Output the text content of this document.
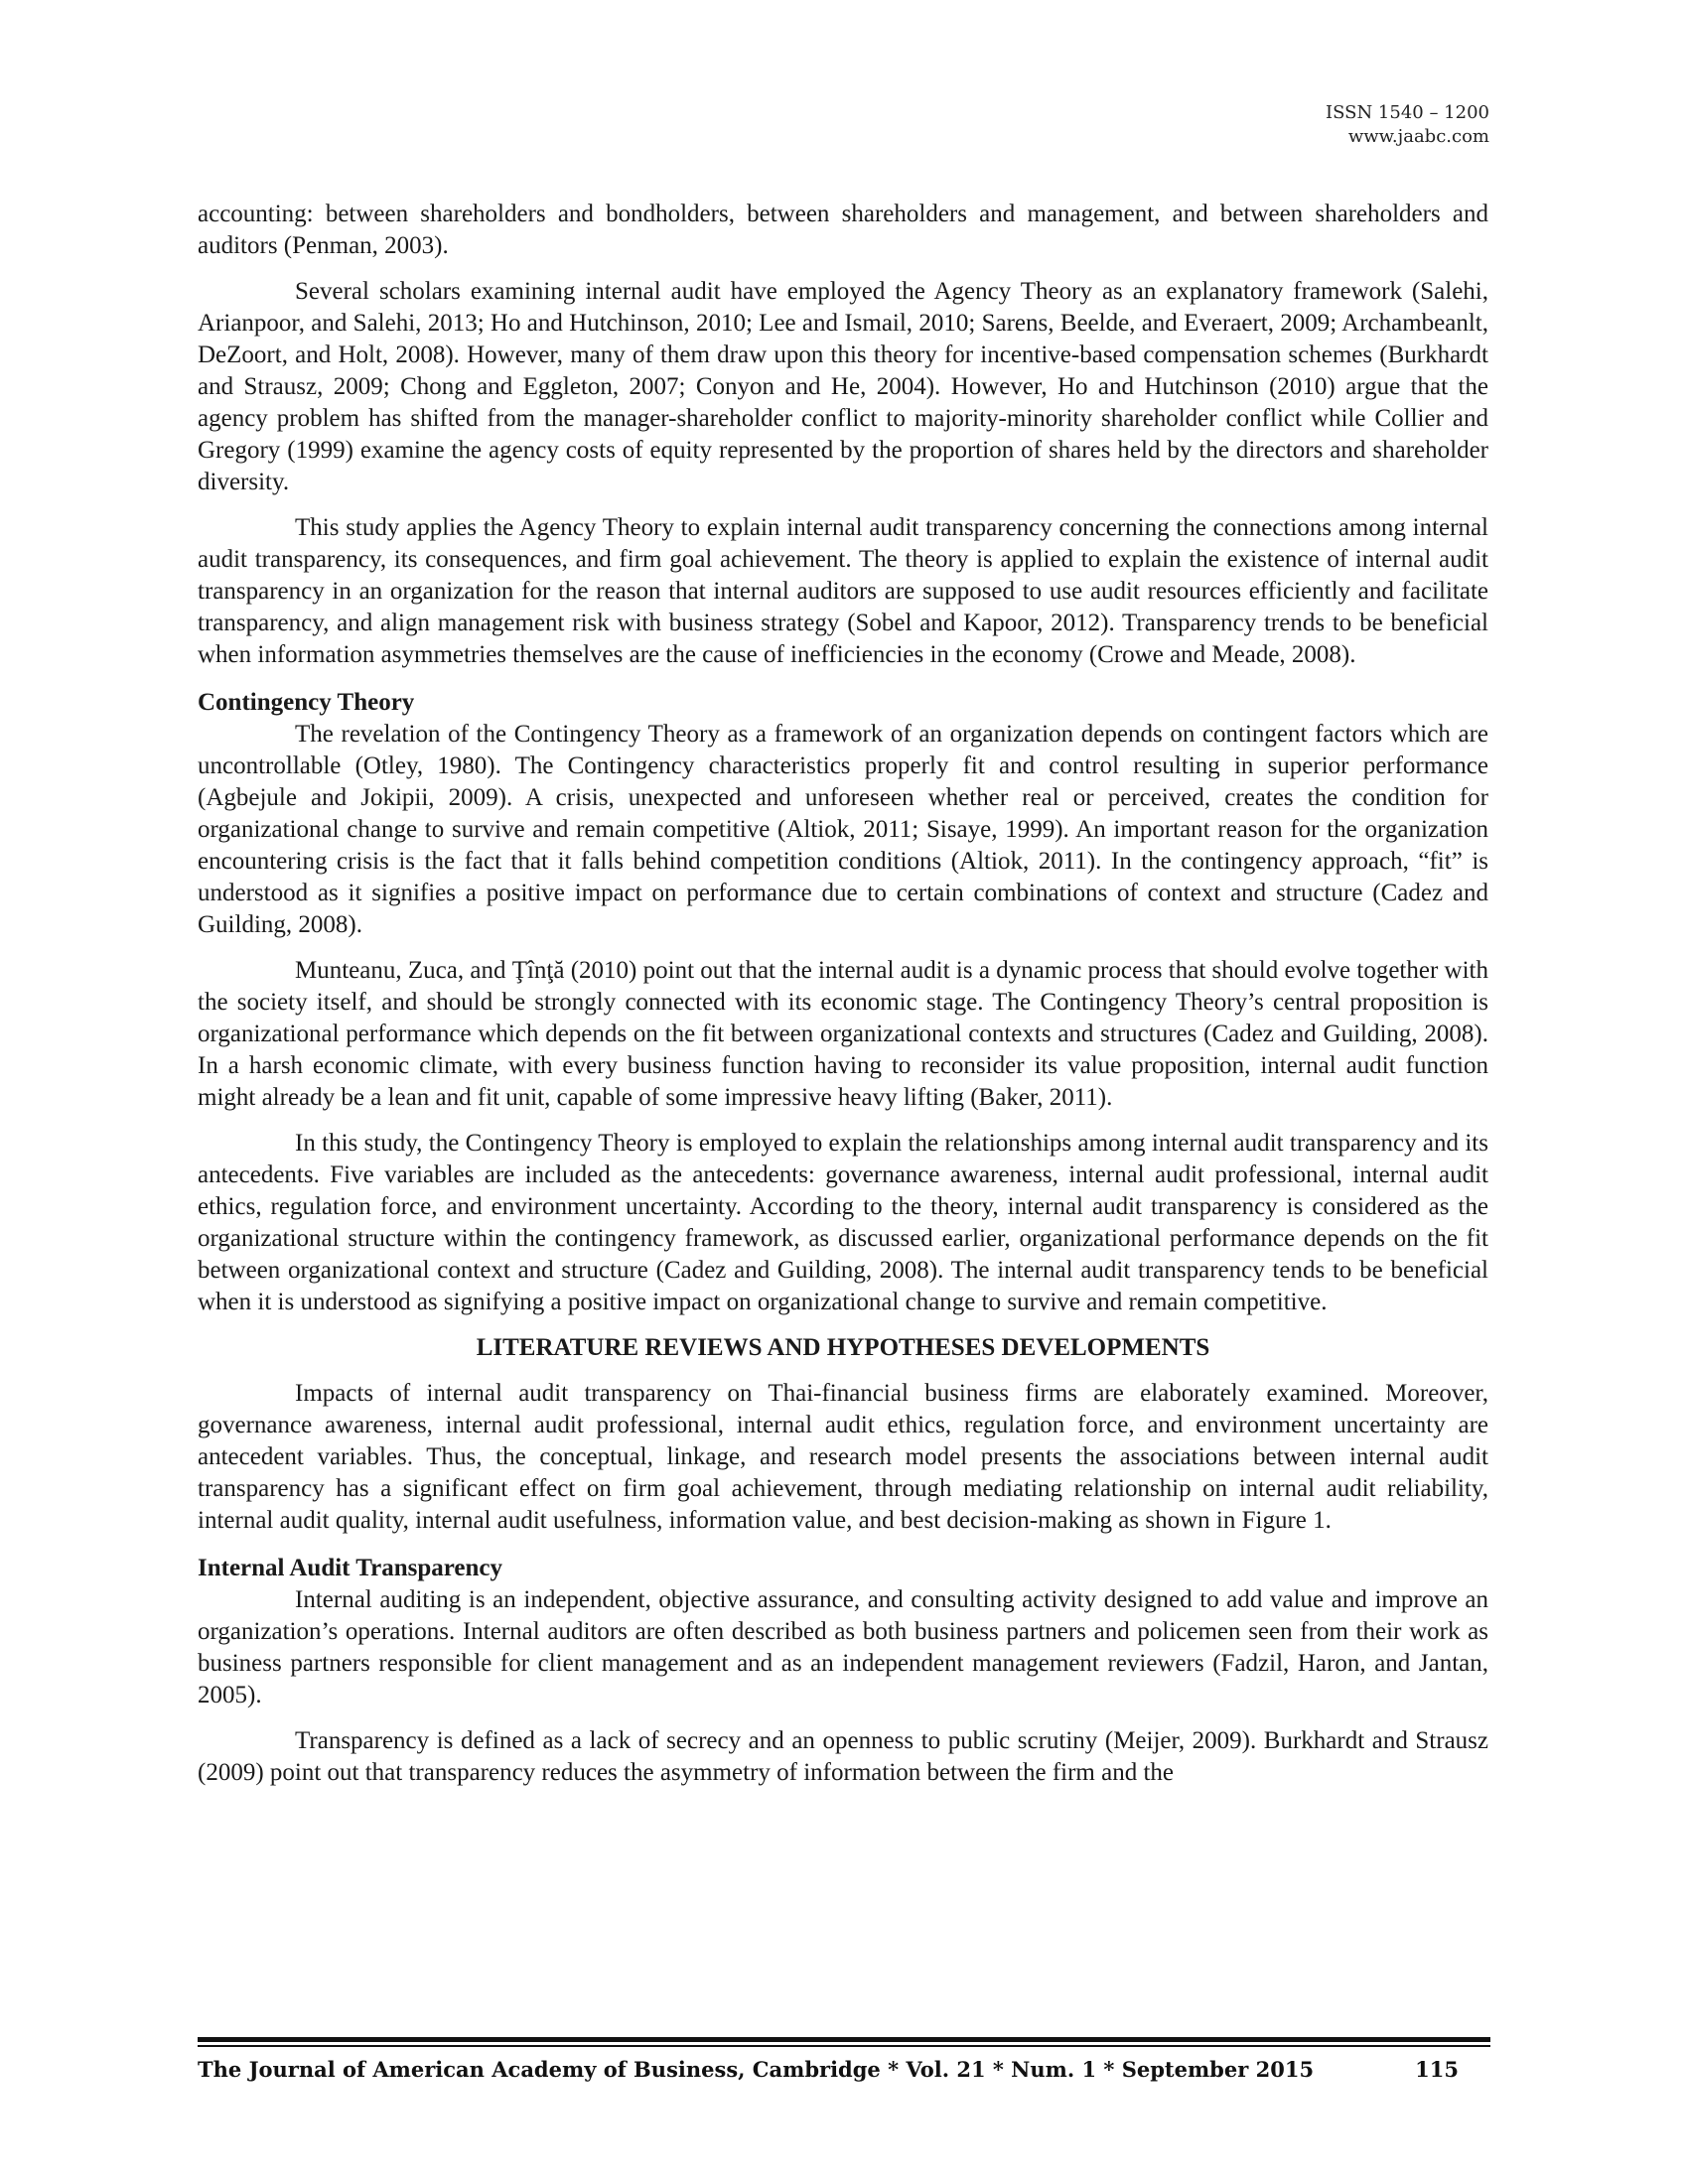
ISSN 1540 – 1200
www.jaabc.com

accounting: between shareholders and bondholders, between shareholders and management, and between shareholders and auditors (Penman, 2003).

Several scholars examining internal audit have employed the Agency Theory as an explanatory framework (Salehi, Arianpoor, and Salehi, 2013; Ho and Hutchinson, 2010; Lee and Ismail, 2010; Sarens, Beelde, and Everaert, 2009; Archambeanlt, DeZoort, and Holt, 2008). However, many of them draw upon this theory for incentive-based compensation schemes (Burkhardt and Strausz, 2009; Chong and Eggleton, 2007; Conyon and He, 2004). However, Ho and Hutchinson (2010) argue that the agency problem has shifted from the manager-shareholder conflict to majority-minority shareholder conflict while Collier and Gregory (1999) examine the agency costs of equity represented by the proportion of shares held by the directors and shareholder diversity.

This study applies the Agency Theory to explain internal audit transparency concerning the connections among internal audit transparency, its consequences, and firm goal achievement. The theory is applied to explain the existence of internal audit transparency in an organization for the reason that internal auditors are supposed to use audit resources efficiently and facilitate transparency, and align management risk with business strategy (Sobel and Kapoor, 2012). Transparency trends to be beneficial when information asymmetries themselves are the cause of inefficiencies in the economy (Crowe and Meade, 2008).

Contingency Theory

The revelation of the Contingency Theory as a framework of an organization depends on contingent factors which are uncontrollable (Otley, 1980). The Contingency characteristics properly fit and control resulting in superior performance (Agbejule and Jokipii, 2009). A crisis, unexpected and unforeseen whether real or perceived, creates the condition for organizational change to survive and remain competitive (Altiok, 2011; Sisaye, 1999). An important reason for the organization encountering crisis is the fact that it falls behind competition conditions (Altiok, 2011). In the contingency approach, “fit” is understood as it signifies a positive impact on performance due to certain combinations of context and structure (Cadez and Guilding, 2008).

Munteanu, Zuca, and Ţînţă (2010) point out that the internal audit is a dynamic process that should evolve together with the society itself, and should be strongly connected with its economic stage. The Contingency Theory’s central proposition is organizational performance which depends on the fit between organizational contexts and structures (Cadez and Guilding, 2008). In a harsh economic climate, with every business function having to reconsider its value proposition, internal audit function might already be a lean and fit unit, capable of some impressive heavy lifting (Baker, 2011).

In this study, the Contingency Theory is employed to explain the relationships among internal audit transparency and its antecedents. Five variables are included as the antecedents: governance awareness, internal audit professional, internal audit ethics, regulation force, and environment uncertainty. According to the theory, internal audit transparency is considered as the organizational structure within the contingency framework, as discussed earlier, organizational performance depends on the fit between organizational context and structure (Cadez and Guilding, 2008). The internal audit transparency tends to be beneficial when it is understood as signifying a positive impact on organizational change to survive and remain competitive.

LITERATURE REVIEWS AND HYPOTHESES DEVELOPMENTS

Impacts of internal audit transparency on Thai-financial business firms are elaborately examined. Moreover, governance awareness, internal audit professional, internal audit ethics, regulation force, and environment uncertainty are antecedent variables. Thus, the conceptual, linkage, and research model presents the associations between internal audit transparency has a significant effect on firm goal achievement, through mediating relationship on internal audit reliability, internal audit quality, internal audit usefulness, information value, and best decision-making as shown in Figure 1.

Internal Audit Transparency

Internal auditing is an independent, objective assurance, and consulting activity designed to add value and improve an organization’s operations. Internal auditors are often described as both business partners and policemen seen from their work as business partners responsible for client management and as an independent management reviewers (Fadzil, Haron, and Jantan, 2005).

Transparency is defined as a lack of secrecy and an openness to public scrutiny (Meijer, 2009). Burkhardt and Strausz (2009) point out that transparency reduces the asymmetry of information between the firm and the

The Journal of American Academy of Business, Cambridge * Vol. 21 * Num. 1 * September 2015	115
